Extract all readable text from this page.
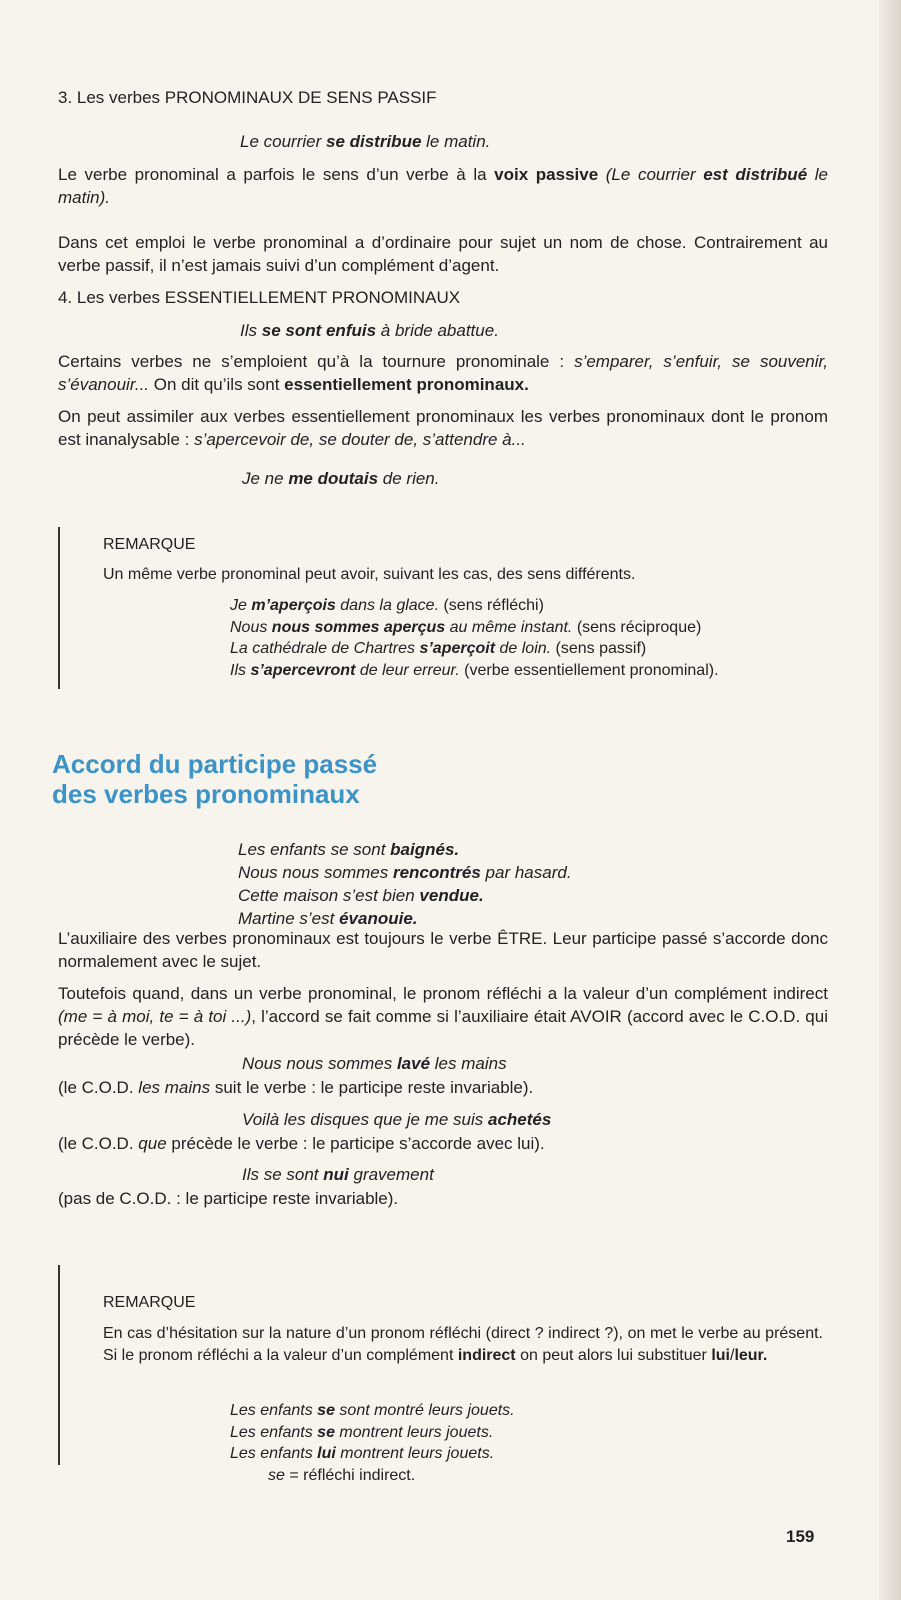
3. Les verbes PRONOMINAUX DE SENS PASSIF

Le courrier se distribue le matin.

Le verbe pronominal a parfois le sens d’un verbe à la voix passive (Le courrier est distribué le matin).

Dans cet emploi le verbe pronominal a d’ordinaire pour sujet un nom de chose. Contrairement au verbe passif, il n’est jamais suivi d’un complément d’agent.

4. Les verbes ESSENTIELLEMENT PRONOMINAUX

Ils se sont enfuis à bride abattue.

Certains verbes ne s’emploient qu’à la tournure pronominale : s’emparer, s’enfuir, se souvenir, s’évanouir... On dit qu’ils sont essentiellement pronominaux.

On peut assimiler aux verbes essentiellement pronominaux les verbes pronominaux dont le pronom est inanalysable : s’apercevoir de, se douter de, s’attendre à...

Je ne me doutais de rien.

REMARQUE

Un même verbe pronominal peut avoir, suivant les cas, des sens différents.

Je m’aperçois dans la glace. (sens réfléchi)
Nous nous sommes aperçus au même instant. (sens réciproque)
La cathédrale de Chartres s’aperçoit de loin. (sens passif)
Ils s’apercevront de leur erreur. (verbe essentiellement pronominal).
Accord du participe passé
des verbes pronominaux
Les enfants se sont baignés.
Nous nous sommes rencontrés par hasard.
Cette maison s’est bien vendue.
Martine s’est évanouie.

L’auxiliaire des verbes pronominaux est toujours le verbe ÊTRE. Leur participe passé s’accorde donc normalement avec le sujet.

Toutefois quand, dans un verbe pronominal, le pronom réfléchi a la valeur d’un complément indirect (me = à moi, te = à toi ...), l’accord se fait comme si l’auxiliaire était AVOIR (accord avec le C.O.D. qui précède le verbe).

Nous nous sommes lavé les mains

(le C.O.D. les mains suit le verbe : le participe reste invariable).

Voilà les disques que je me suis achetés

(le C.O.D. que précède le verbe : le participe s’accorde avec lui).

Ils se sont nui gravement

(pas de C.O.D. : le participe reste invariable).

REMARQUE

En cas d’hésitation sur la nature d’un pronom réfléchi (direct ? indirect ?), on met le verbe au présent. Si le pronom réfléchi a la valeur d’un complément indirect on peut alors lui substituer lui/leur.

Les enfants se sont montré leurs jouets.
Les enfants se montrent leurs jouets.
Les enfants lui montrent leurs jouets.
se = réfléchi indirect.

159
